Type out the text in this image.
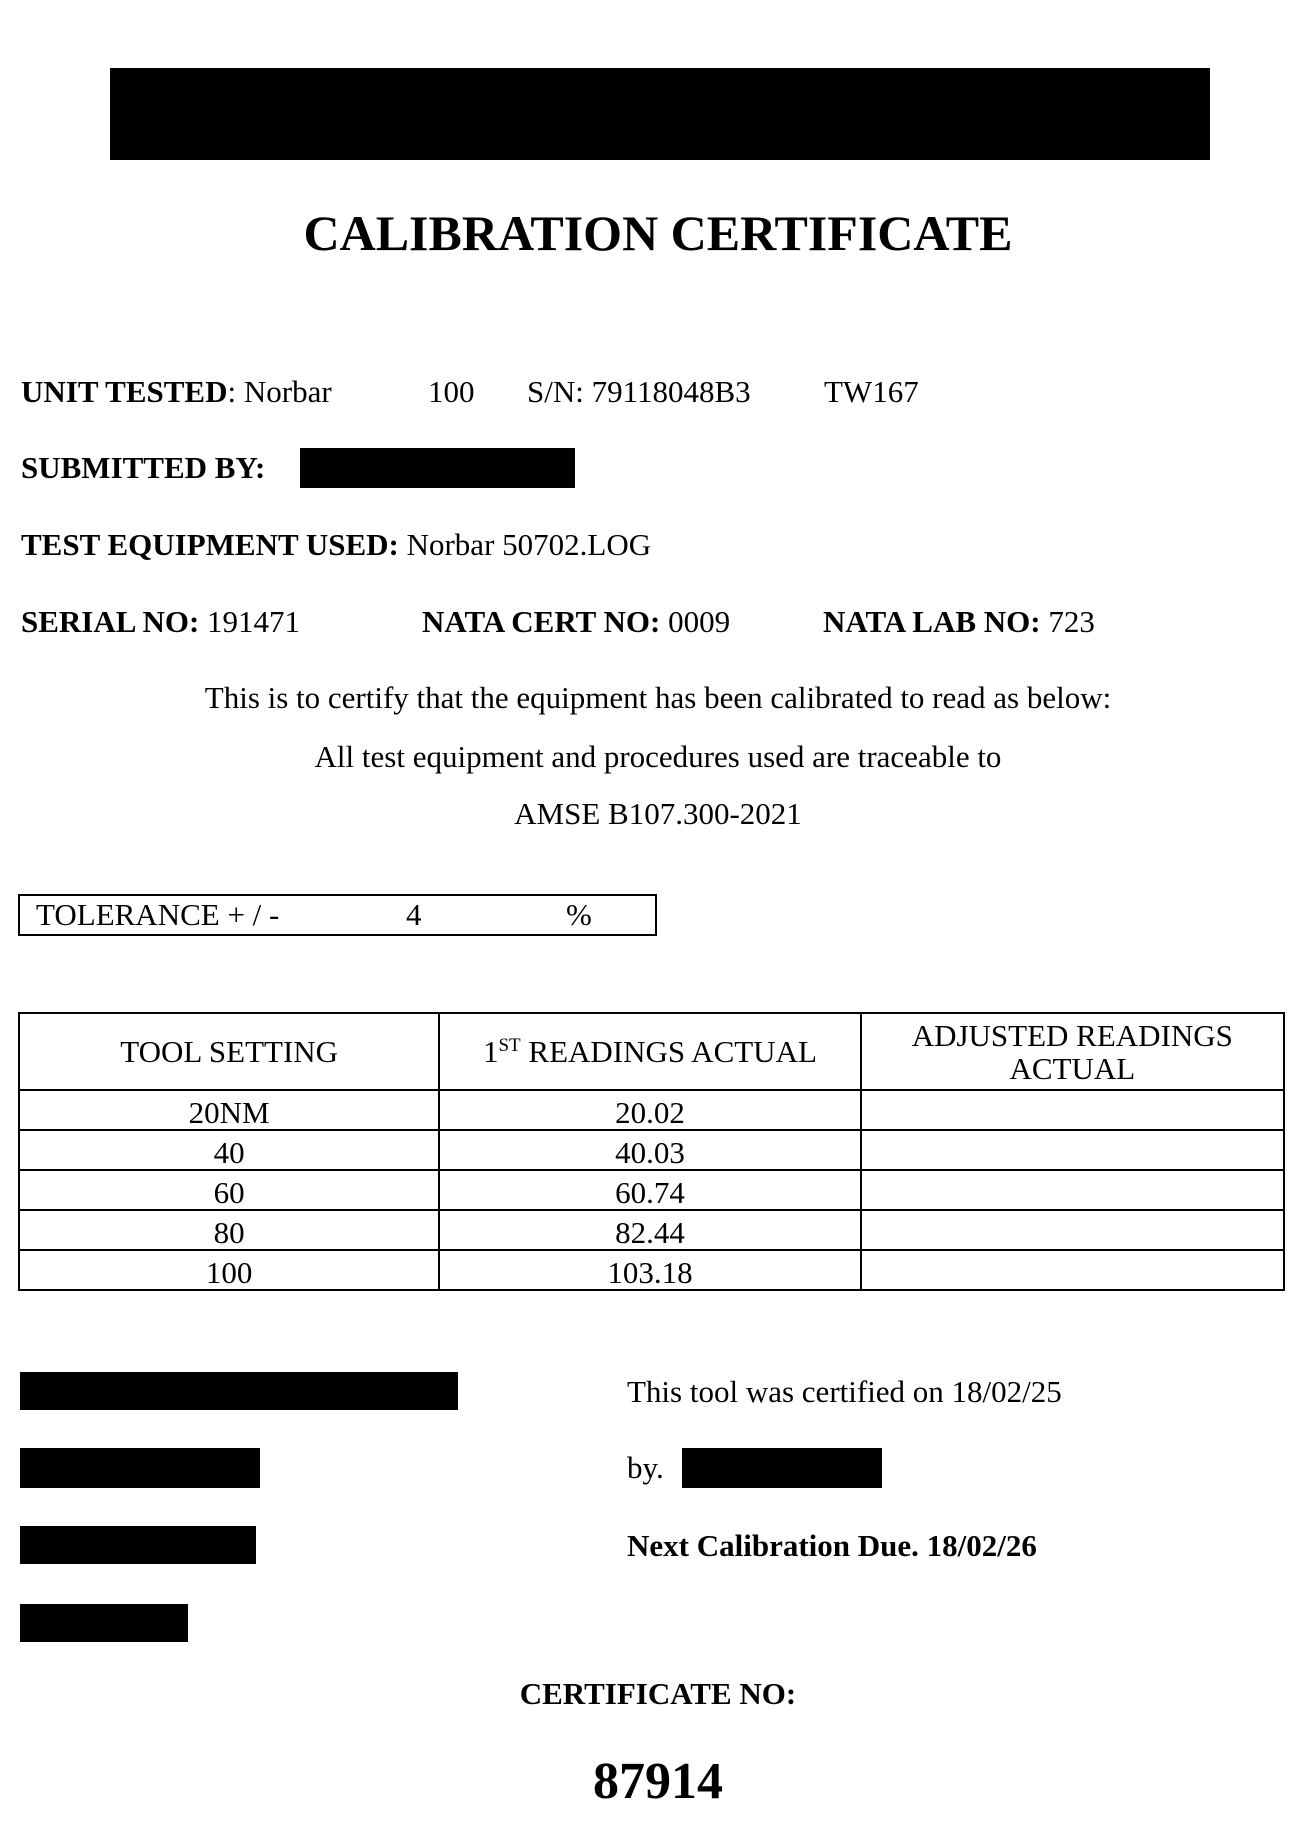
CALIBRATION CERTIFICATE
UNIT TESTED: Norbar	100 S/N: 79118048B3 TW167
SUBMITTED BY:
TEST EQUIPMENT USED: Norbar 50702.LOG
SERIAL NO: 191471	NATA CERT NO: 0009	NATA LAB NO: 723
This is to certify that the equipment has been calibrated to read as below:
All test equipment and procedures used are traceable to
AMSE B107.300-2021
TOLERANCE + / -	4	%
TOOL SETTING	1ST READINGS ACTUAL	ADJUSTED READINGS
ACTUAL
20NM	20.02	
40	40.03	
60	60.74	
80	82.44	
100	103.18	
This tool was certified on 18/02/25
by.
Next Calibration Due. 18/02/26
CERTIFICATE NO:
87914
